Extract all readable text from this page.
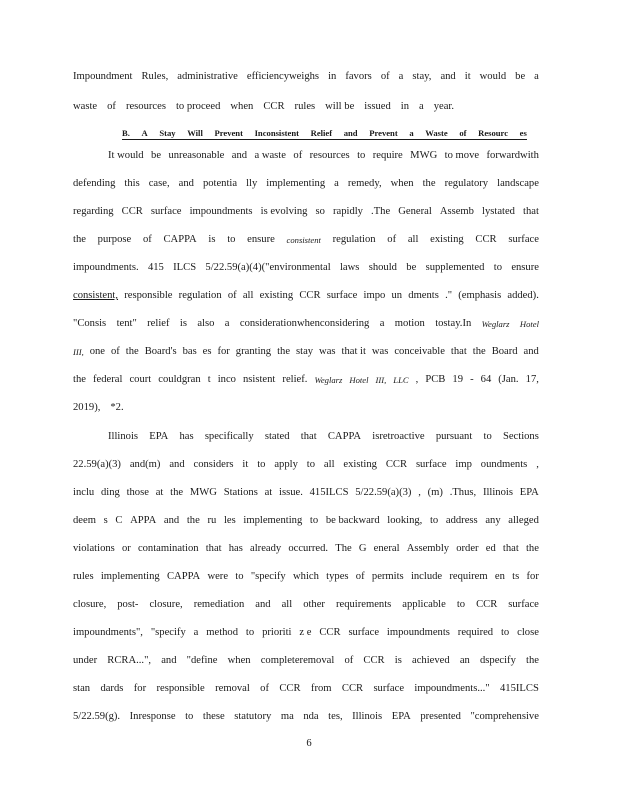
B. A Stay Will Prevent Inconsistent Relief and Prevent a Waste of Resourc es
Impoundment Rules, administrative efficiencyweighs in favors of a stay, and it would be a
waste of resources to proceed when CCR rules will be issued in a year.
It would be unreasonable and a waste of resources to require MWG to move forwardwith
defending this case, and potentia lly implementing a remedy, when the regulatory landscape
regarding CCR surface impoundments is evolving so rapidly .The General Assemb lystated that
the purpose of CAPPA is to ensure consistent regulation of all existing CCR surface
impoundments. 415 ILCS 5/22.59(a)(4)("environmental laws should be supplemented to ensure
consistent, responsible regulation of all existing CCR surface impo un dments ." (emphasis added).
"Consis tent" relief is also a considerationwhenconsidering a motion tostay.In Weglarz Hotel
III, one of the Board's bas es for granting the stay was that it was conceivable that the Board and
the federal court couldgran t inco nsistent relief. Weglarz Hotel III, LLC , PCB 19 - 64 (Jan. 17,
2019), *2.
Illinois EPA has specifically stated that CAPPA isretroactive pursuant to Sections
22.59(a)(3) and(m) and considers it to apply to all existing CCR surface imp oundments ,
inclu ding those at the MWG Stations at issue. 415ILCS 5/22.59(a)(3) , (m) .Thus, Illinois EPA
deem s C APPA and the ru les implementing to be backward looking, to address any alleged
violations or contamination that has already occurred. The G eneral Assembly order ed that the
rules implementing CAPPA were to "specify which types of permits include requirem en ts for
closure, post- closure, remediation and all other requirements applicable to CCR surface
impoundments", "specify a method to prioriti z e CCR surface impoundments required to close
under RCRA...", and "define when completeremoval of CCR is achieved an dspecify the
stan dards for responsible removal of CCR from CCR surface impoundments..." 415ILCS
5/22.59(g). Inresponse to these statutory ma nda tes, Illinois EPA presented "comprehensive
6
